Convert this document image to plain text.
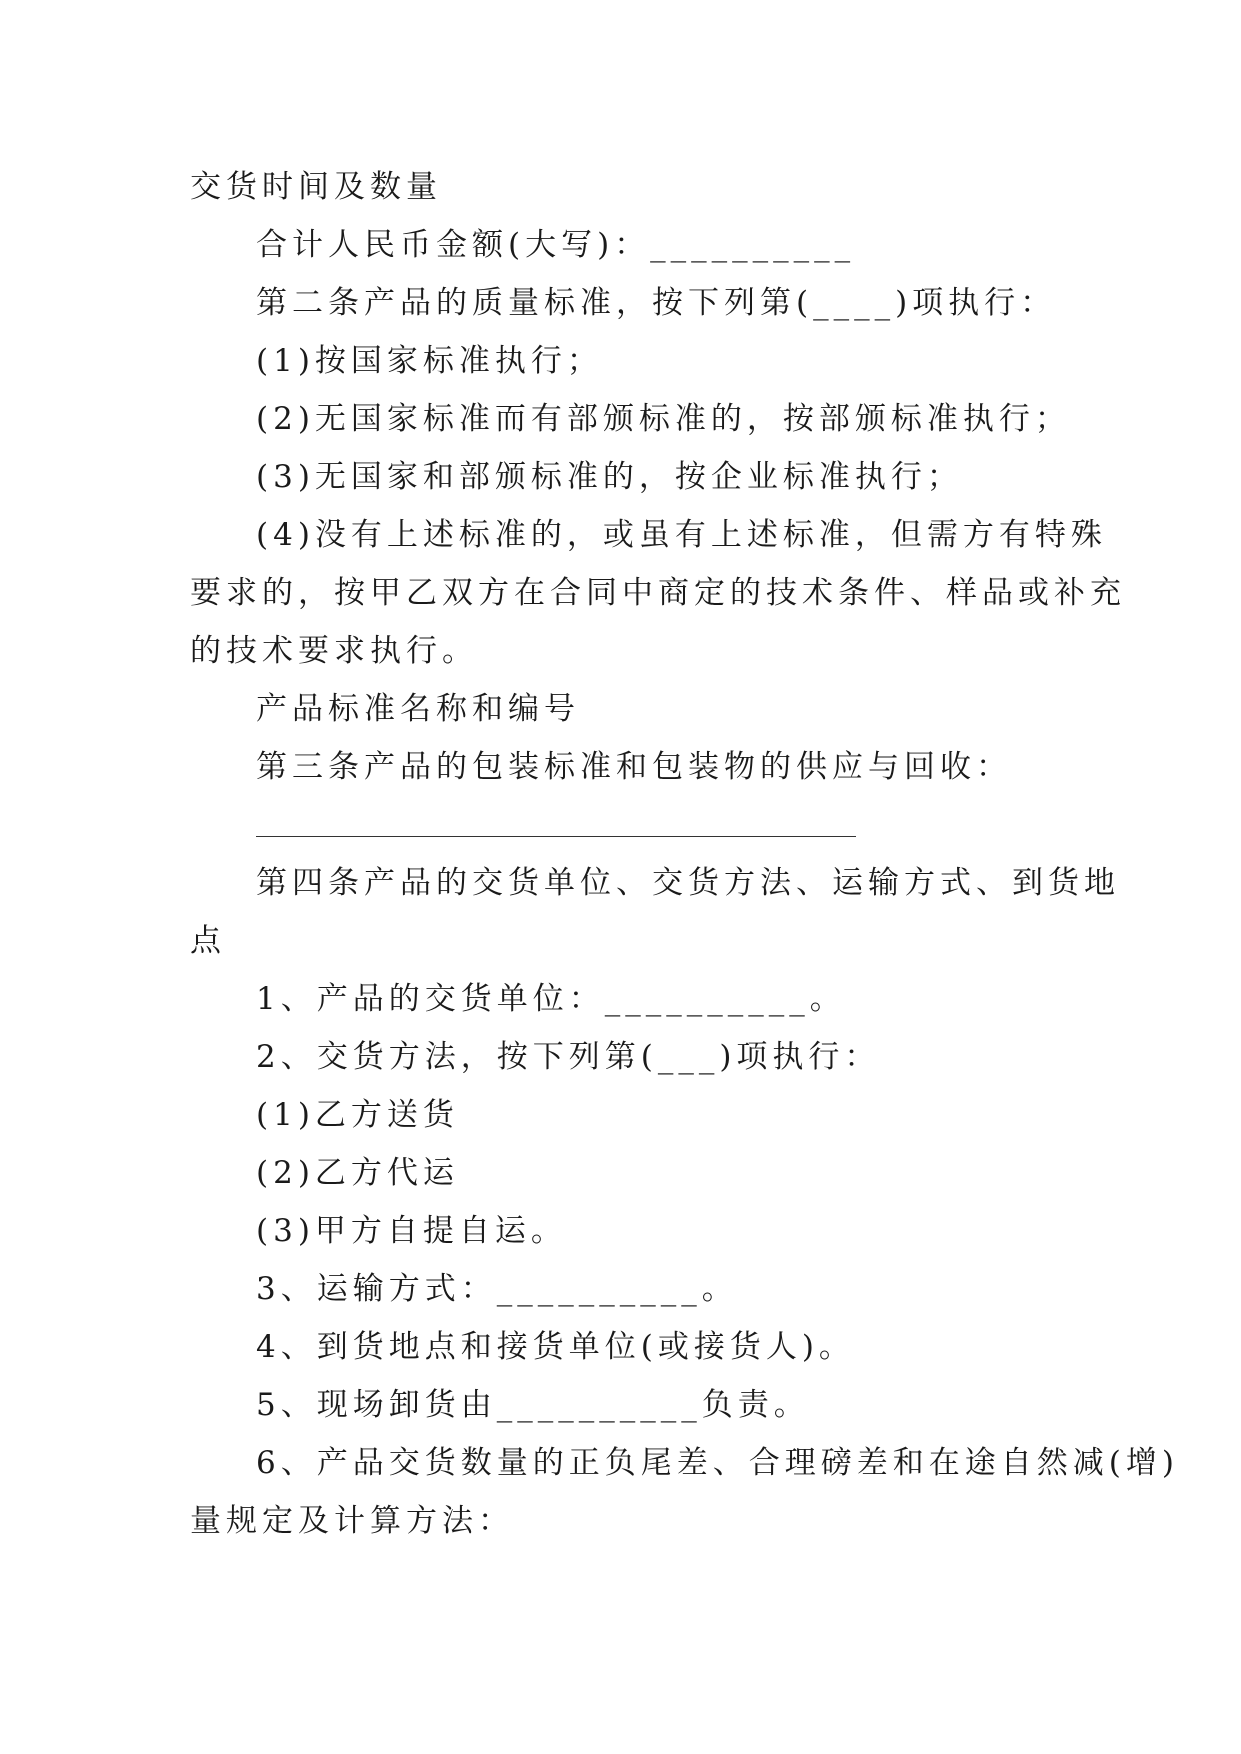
交货时间及数量
合计人民币金额(大写)：__________
第二条产品的质量标准，按下列第(____)项执行：
(1)按国家标准执行；
(2)无国家标准而有部颁标准的，按部颁标准执行；
(3)无国家和部颁标准的，按企业标准执行；
(4)没有上述标准的，或虽有上述标准，但需方有特殊
要求的，按甲乙双方在合同中商定的技术条件、样品或补充
的技术要求执行。
产品标准名称和编号
第三条产品的包装标准和包装物的供应与回收：
第四条产品的交货单位、交货方法、运输方式、到货地
点
1、产品的交货单位：__________。
2、交货方法，按下列第(___)项执行：
(1)乙方送货
(2)乙方代运
(3)甲方自提自运。
3、运输方式：__________。
4、到货地点和接货单位(或接货人)。
5、现场卸货由__________负责。
6、产品交货数量的正负尾差、合理磅差和在途自然减(增)
量规定及计算方法：
